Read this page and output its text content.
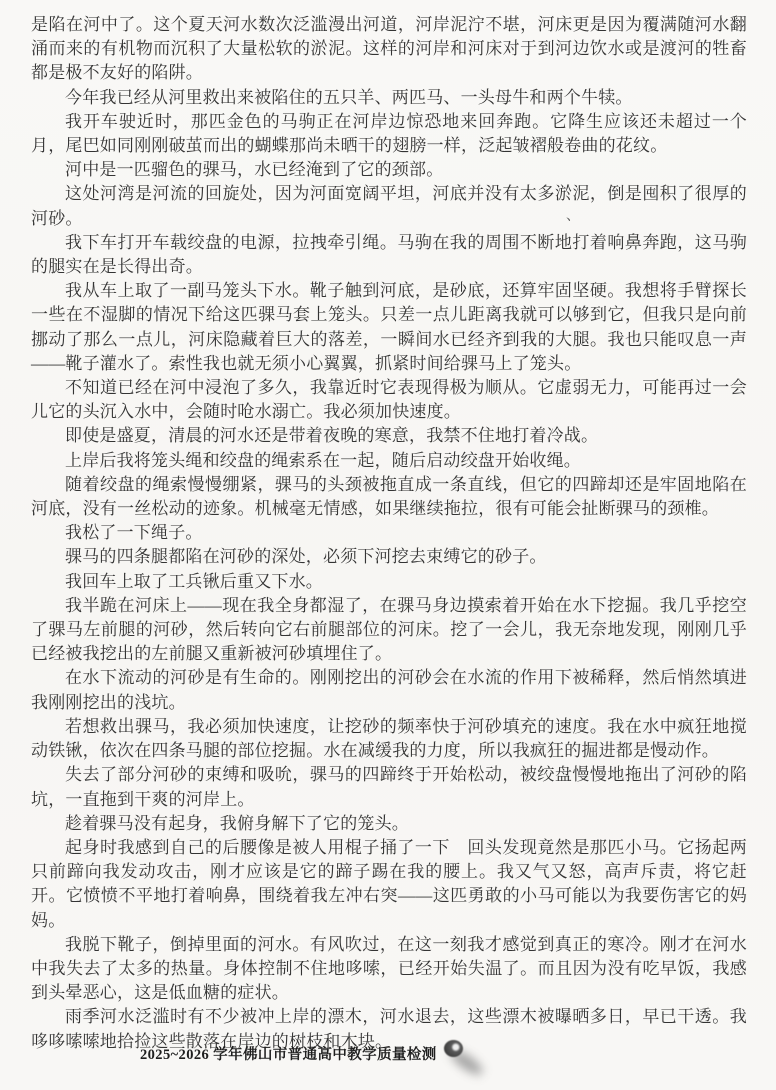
是陷在河中了。这个夏天河水数次泛滥漫出河道，河岸泥泞不堪，河床更是因为覆满随河水翻涌而来的有机物而沉积了大量松软的淤泥。这样的河岸和河床对于到河边饮水或是渡河的牲畜都是极不友好的陷阱。

今年我已经从河里救出来被陷住的五只羊、两匹马、一头母牛和两个牛犊。

我开车驶近时，那匹金色的马驹正在河岸边惊恐地来回奔跑。它降生应该还未超过一个月，尾巴如同刚刚破茧而出的蝴蝶那尚未晒干的翅膀一样，泛起皱褶般卷曲的花纹。

河中是一匹骝色的骒马，水已经淹到了它的颈部。

这处河湾是河流的回旋处，因为河面宽阔平坦，河底并没有太多淤泥，倒是囤积了很厚的河砂。

我下车打开车载绞盘的电源，拉拽牵引绳。马驹在我的周围不断地打着响鼻奔跑，这马驹的腿实在是长得出奇。

我从车上取了一副马笼头下水。靴子触到河底，是砂底，还算牢固坚硬。我想将手臂探长一些在不湿脚的情况下给这匹骒马套上笼头。只差一点儿距离我就可以够到它，但我只是向前挪动了那么一点儿，河床隐藏着巨大的落差，一瞬间水已经齐到我的大腿。我也只能叹息一声——靴子灌水了。索性我也就无须小心翼翼，抓紧时间给骒马上了笼头。

不知道已经在河中浸泡了多久，我靠近时它表现得极为顺从。它虚弱无力，可能再过一会儿它的头沉入水中，会随时呛水溺亡。我必须加快速度。

即使是盛夏，清晨的河水还是带着夜晚的寒意，我禁不住地打着冷战。

上岸后我将笼头绳和绞盘的绳索系在一起，随后启动绞盘开始收绳。

随着绞盘的绳索慢慢绷紧，骒马的头颈被拖直成一条直线，但它的四蹄却还是牢固地陷在河底，没有一丝松动的迹象。机械毫无情感，如果继续拖拉，很有可能会扯断骒马的颈椎。

我松了一下绳子。

骒马的四条腿都陷在河砂的深处，必须下河挖去束缚它的砂子。

我回车上取了工兵锹后重又下水。

我半跪在河床上——现在我全身都湿了，在骒马身边摸索着开始在水下挖掘。我几乎挖空了骒马左前腿的河砂，然后转向它右前腿部位的河床。挖了一会儿，我无奈地发现，刚刚几乎已经被我挖出的左前腿又重新被河砂填埋住了。

在水下流动的河砂是有生命的。刚刚挖出的河砂会在水流的作用下被稀释，然后悄然填进我刚刚挖出的浅坑。

若想救出骒马，我必须加快速度，让挖砂的频率快于河砂填充的速度。我在水中疯狂地搅动铁锹，依次在四条马腿的部位挖掘。水在减缓我的力度，所以我疯狂的掘进都是慢动作。

失去了部分河砂的束缚和吸吮，骒马的四蹄终于开始松动，被绞盘慢慢地拖出了河砂的陷坑，一直拖到干爽的河岸上。

趁着骒马没有起身，我俯身解下了它的笼头。

起身时我感到自己的后腰像是被人用棍子捅了一下　回头发现竟然是那匹小马。它扬起两只前蹄向我发动攻击，刚才应该是它的蹄子踢在我的腰上。我又气又怒，高声斥责，将它赶开。它愤愤不平地打着响鼻，围绕着我左冲右突——这匹勇敢的小马可能以为我要伤害它的妈妈。

我脱下靴子，倒掉里面的河水。有风吹过，在这一刻我才感觉到真正的寒冷。刚才在河水中我失去了太多的热量。身体控制不住地哆嗦，已经开始失温了。而且因为没有吃早饭，我感到头晕恶心，这是低血糖的症状。

雨季河水泛滥时有不少被冲上岸的漂木，河水退去，这些漂木被曝晒多日，早已干透。我哆哆嗦嗦地拾捡这些散落在岸边的树枝和木块。

、
2025~2026 学年佛山市普通高中教学质量检测
